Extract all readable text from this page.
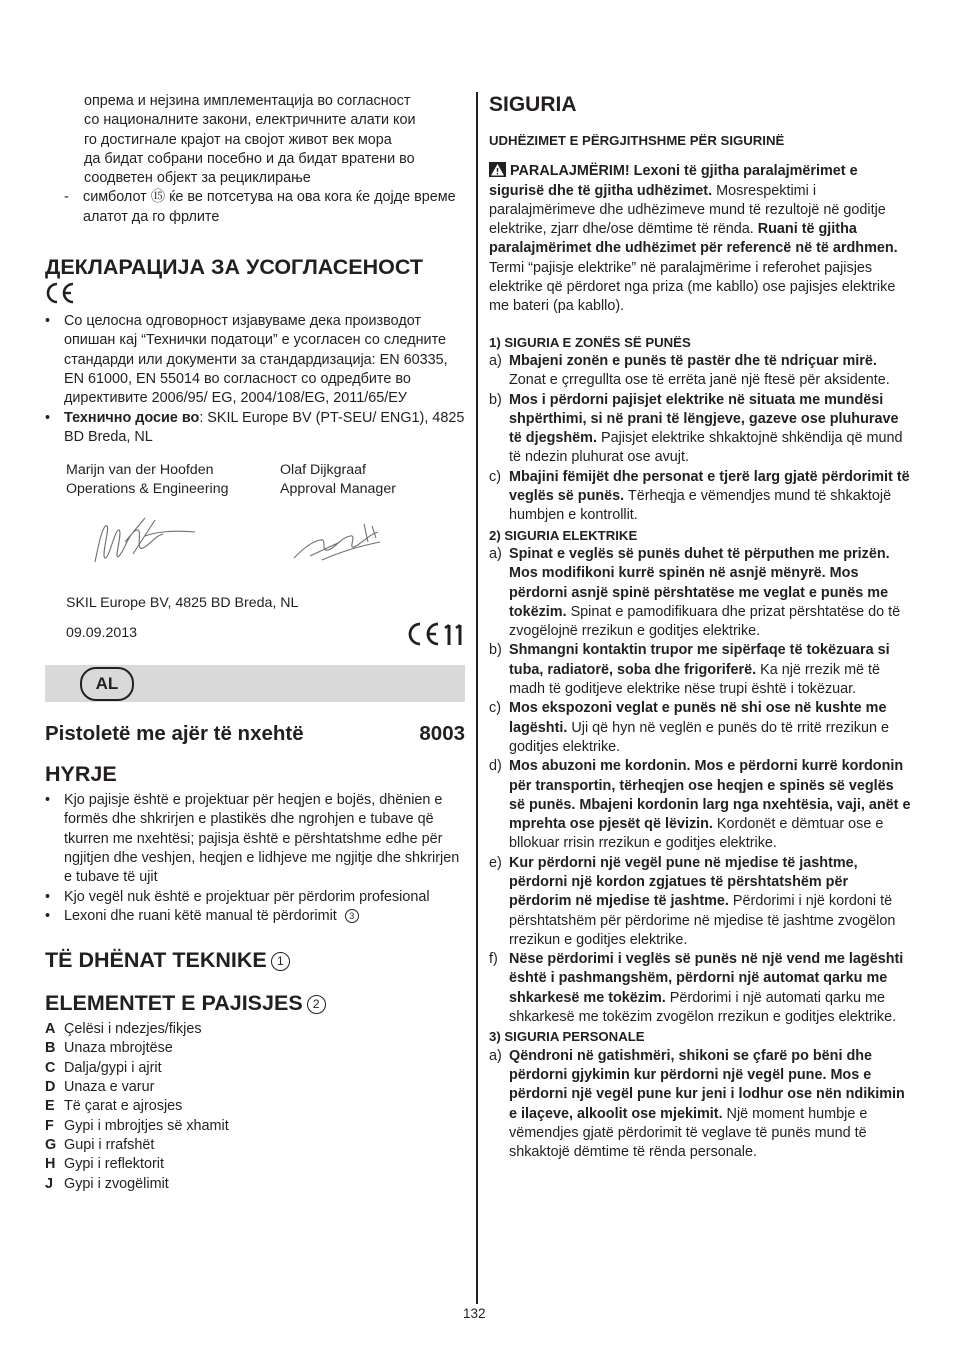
опрема и нејзина имплементација во согласност
со националните закони, електричните алати кои
го достигнале крајот на својот живот век мора
да бидат собрани посебно и да бидат вратени во
соодветен објект за рециклирање
- симболот ⑮ ќе ве потсетува на ова кога ќе дојде време алатот да го фрлите
ДЕКЛАРАЦИЈА ЗА УСОГЛАСЕНОСТ
• Со целосна одговорност изјавуваме дека производот опишан кај “Технички податоци” е усогласен со следните стандарди или документи за стандардизација: EN 60335, EN 61000, EN 55014 во согласност со одредбите во директивите 2006/95/ EG, 2004/108/EG, 2011/65/ЕУ
• Технично досие во: SKIL Europe BV (PT-SEU/ ENG1), 4825 BD Breda, NL
Marijn van der Hoofden
Operations & Engineering
Olaf Dijkgraaf
Approval Manager
SKIL Europe BV, 4825 BD Breda, NL
09.09.2013
AL
Pistoletë me ajër të nxehtë	8003
HYRJE
• Kjo pajisje është e projektuar për heqjen e bojës, dhënien e formës dhe shkrirjen e plastikës dhe ngrohjen e tubave që tkurren me nxehtësi; pajisja është e përshtatshme edhe për ngjitjen dhe veshjen, heqjen e lidhjeve me ngjitje dhe shkrirjen e tubave të ujit
• Kjo vegël nuk është e projektuar për përdorim profesional
• Lexoni dhe ruani këtë manual të përdorimit 3
TË DHËNAT TEKNIKE 1
ELEMENTET E PAJISJES 2
A Çelësi i ndezjes/fikjes
B Unaza mbrojtëse
C Dalja/gypi i ajrit
D Unaza e varur
E Të çarat e ajrosjes
F Gypi i mbrojtjes së xhamit
G Gupi i rrafshët
H Gypi i reflektorit
J Gypi i zvogëlimit
SIGURIA
UDHËZIMET E PËRGJITHSHME PËR SIGURINË

PARALAJMËRIM! Lexoni të gjitha paralajmërimet e sigurisë dhe të gjitha udhëzimet. Mosrespektimi i paralajmërimeve dhe udhëzimeve mund të rezultojë në goditje elektrike, zjarr dhe/ose dëmtime të rënda. Ruani të gjitha paralajmërimet dhe udhëzimet për referencë në të ardhmen. Termi “pajisje elektrike” në paralajmërime i referohet pajisjes elektrike që përdoret nga priza (me kabllo) ose pajisjes elektrike me bateri (pa kabllo).

1) SIGURIA E ZONËS SË PUNËS
a) Mbajeni zonën e punës të pastër dhe të ndriçuar mirë. Zonat e çrregullta ose të errëta janë një ftesë për aksidente.
b) Mos i përdorni pajisjet elektrike në situata me mundësi shpërthimi, si në prani të lëngjeve, gazeve ose pluhurave të djegshëm. Pajisjet elektrike shkaktojnë shkëndija që mund të ndezin pluhurat ose avujt.
c) Mbajini fëmijët dhe personat e tjerë larg gjatë përdorimit të veglës së punës. Tërheqja e vëmendjes mund të shkaktojë humbjen e kontrollit.
2) SIGURIA ELEKTRIKE
a) Spinat e veglës së punës duhet të përputhen me prizën. Mos modifikoni kurrë spinën në asnjë mënyrë. Mos përdorni asnjë spinë përshtatëse me veglat e punës me tokëzim. Spinat e pamodifikuara dhe prizat përshtatëse do të zvogëlojnë rrezikun e goditjes elektrike.
b) Shmangni kontaktin trupor me sipërfaqe të tokëzuara si tuba, radiatorë, soba dhe frigoriferë. Ka një rrezik më të madh të goditjeve elektrike nëse trupi është i tokëzuar.
c) Mos ekspozoni veglat e punës në shi ose në kushte me lagështi. Uji që hyn në veglën e punës do të rritë rrezikun e goditjes elektrike.
d) Mos abuzoni me kordonin. Mos e përdorni kurrë kordonin për transportin, tërheqjen ose heqjen e spinës së veglës së punës. Mbajeni kordonin larg nga nxehtësia, vaji, anët e mprehta ose pjesët që lëvizin. Kordonët e dëmtuar ose e bllokuar rrisin rrezikun e goditjes elektrike.
e) Kur përdorni një vegël pune në mjedise të jashtme, përdorni një kordon zgjatues të përshtatshëm për përdorim në mjedise të jashtme. Përdorimi i një kordoni të përshtatshëm për përdorime në mjedise të jashtme zvogëlon rrezikun e goditjes elektrike.
f) Nëse përdorimi i veglës së punës në një vend me lagështi është i pashmangshëm, përdorni një automat qarku me shkarkesë me tokëzim. Përdorimi i një automati qarku me shkarkesë me tokëzim zvogëlon rrezikun e goditjes elektrike.
3) SIGURIA PERSONALE
a) Qëndroni në gatishmëri, shikoni se çfarë po bëni dhe përdorni gjykimin kur përdorni një vegël pune. Mos e përdorni një vegël pune kur jeni i lodhur ose nën ndikimin e ilaçeve, alkoolit ose mjekimit. Një moment humbje e vëmendjes gjatë përdorimit të veglave të punës mund të shkaktojë dëmtime të rënda personale.
132
